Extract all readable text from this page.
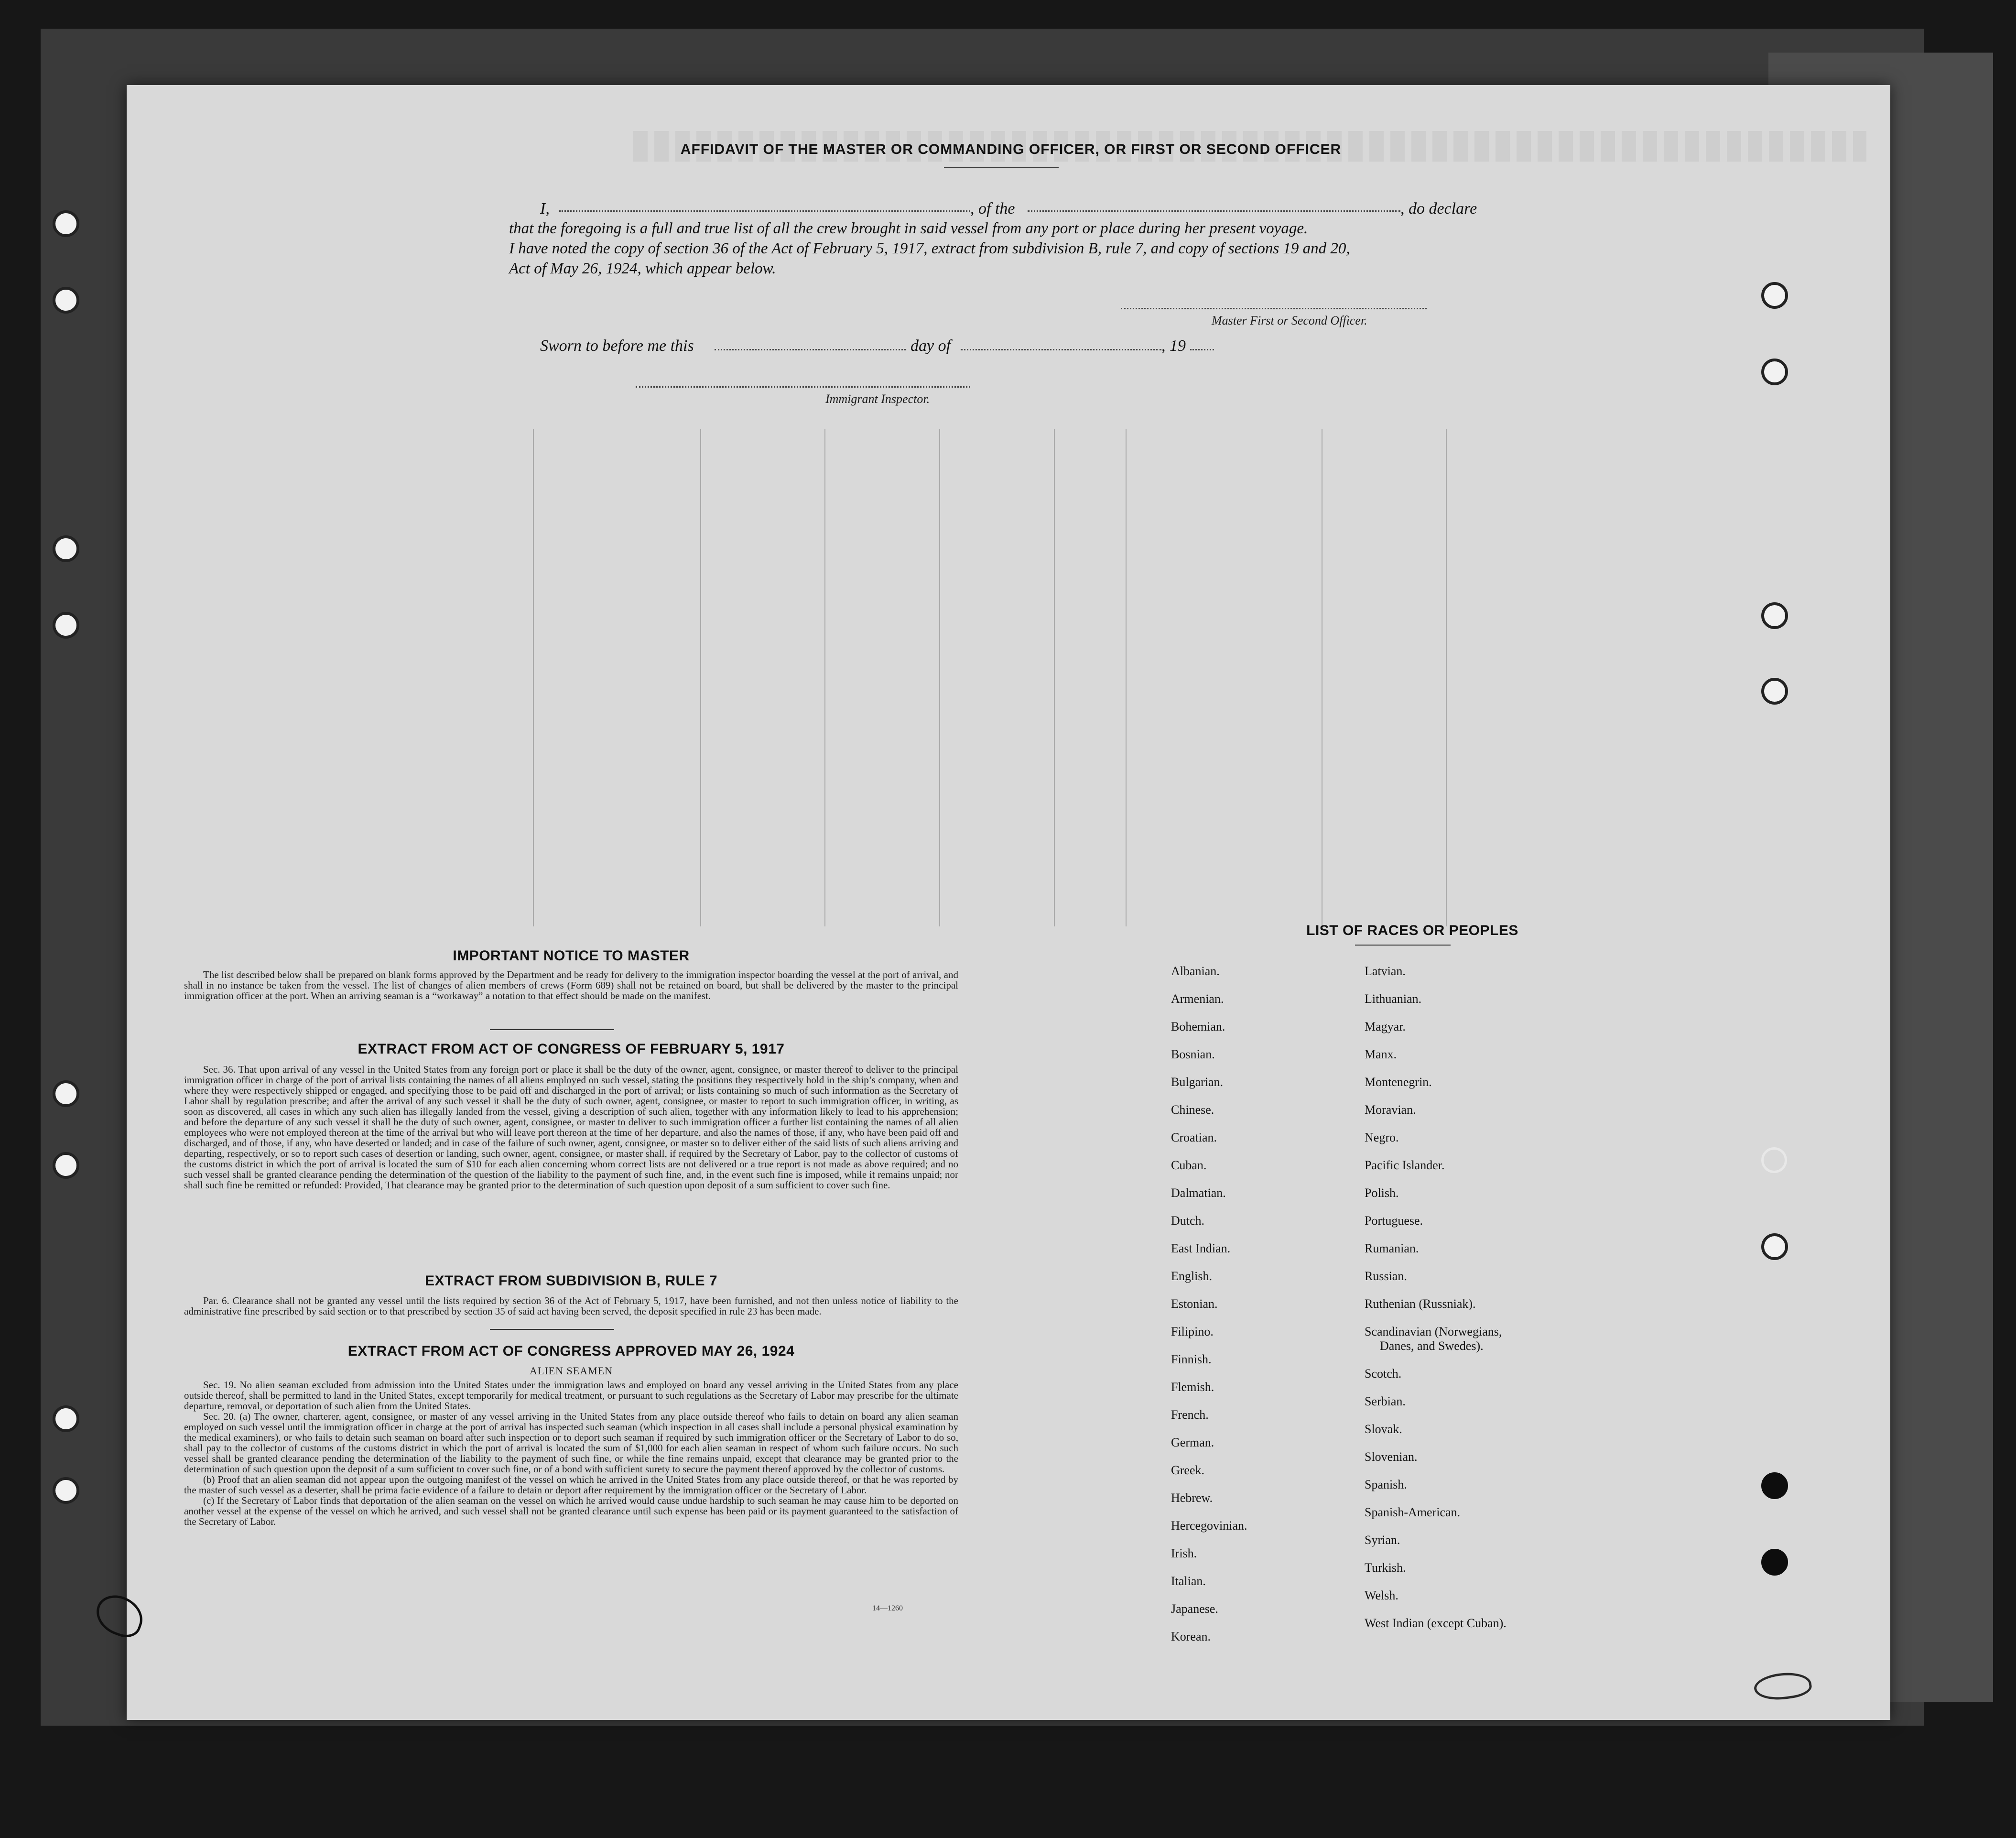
AFFIDAVIT OF THE MASTER OR COMMANDING OFFICER, OR FIRST OR SECOND OFFICER
I,	, of the	, do declare
that the foregoing is a full and true list of all the crew brought in said vessel from any port or place during her present voyage.
I have noted the copy of section 36 of the Act of February 5, 1917, extract from subdivision B, rule 7, and copy of sections 19 and 20,
Act of May 26, 1924, which appear below.
Master First or Second Officer.
Sworn to before me this	day of	, 19
Immigrant Inspector.
IMPORTANT NOTICE TO MASTER

The list described below shall be prepared on blank forms approved by the Department and be ready for delivery to the immigration inspector boarding the vessel at the port of arrival, and shall in no instance be taken from the vessel. The list of changes of alien members of crews (Form 689) shall not be retained on board, but shall be delivered by the master to the principal immigration officer at the port. When an arriving seaman is a “workaway” a notation to that effect should be made on the manifest.

EXTRACT FROM ACT OF CONGRESS OF FEBRUARY 5, 1917

Sec. 36. That upon arrival of any vessel in the United States from any foreign port or place it shall be the duty of the owner, agent, consignee, or master thereof to deliver to the principal immigration officer in charge of the port of arrival lists containing the names of all aliens employed on such vessel, stating the positions they respectively hold in the ship’s company, when and where they were respectively shipped or engaged, and specifying those to be paid off and discharged in the port of arrival; or lists containing so much of such information as the Secretary of Labor shall by regulation prescribe; and after the arrival of any such vessel it shall be the duty of such owner, agent, consignee, or master to report to such immigration officer, in writing, as soon as discovered, all cases in which any such alien has illegally landed from the vessel, giving a description of such alien, together with any information likely to lead to his apprehension; and before the departure of any such vessel it shall be the duty of such owner, agent, consignee, or master to deliver to such immigration officer a further list containing the names of all alien employees who were not employed thereon at the time of the arrival but who will leave port thereon at the time of her departure, and also the names of those, if any, who have been paid off and discharged, and of those, if any, who have deserted or landed; and in case of the failure of such owner, agent, consignee, or master so to deliver either of the said lists of such aliens arriving and departing, respectively, or so to report such cases of desertion or landing, such owner, agent, consignee, or master shall, if required by the Secretary of Labor, pay to the collector of customs of the customs district in which the port of arrival is located the sum of $10 for each alien concerning whom correct lists are not delivered or a true report is not made as above required; and no such vessel shall be granted clearance pending the determination of the question of the liability to the payment of such fine, and, in the event such fine is imposed, while it remains unpaid; nor shall such fine be remitted or refunded: Provided, That clearance may be granted prior to the determination of such question upon deposit of a sum sufficient to cover such fine.

EXTRACT FROM SUBDIVISION B, RULE 7

Par. 6. Clearance shall not be granted any vessel until the lists required by section 36 of the Act of February 5, 1917, have been furnished, and not then unless notice of liability to the administrative fine prescribed by said section or to that prescribed by section 35 of said act having been served, the deposit specified in rule 23 has been made.

EXTRACT FROM ACT OF CONGRESS APPROVED MAY 26, 1924
ALIEN SEAMEN

Sec. 19. No alien seaman excluded from admission into the United States under the immigration laws and employed on board any vessel arriving in the United States from any place outside thereof, shall be permitted to land in the United States, except temporarily for medical treatment, or pursuant to such regulations as the Secretary of Labor may prescribe for the ultimate departure, removal, or deportation of such alien from the United States.

Sec. 20. (a) The owner, charterer, agent, consignee, or master of any vessel arriving in the United States from any place outside thereof who fails to detain on board any alien seaman employed on such vessel until the immigration officer in charge at the port of arrival has inspected such seaman (which inspection in all cases shall include a personal physical examination by the medical examiners), or who fails to detain such seaman on board after such inspection or to deport such seaman if required by such immigration officer or the Secretary of Labor to do so, shall pay to the collector of customs of the customs district in which the port of arrival is located the sum of $1,000 for each alien seaman in respect of whom such failure occurs. No such vessel shall be granted clearance pending the determination of the liability to the payment of such fine, or while the fine remains unpaid, except that clearance may be granted prior to the determination of such question upon the deposit of a sum sufficient to cover such fine, or of a bond with sufficient surety to secure the payment thereof approved by the collector of customs.

(b) Proof that an alien seaman did not appear upon the outgoing manifest of the vessel on which he arrived in the United States from any place outside thereof, or that he was reported by the master of such vessel as a deserter, shall be prima facie evidence of a failure to detain or deport after requirement by the immigration officer or the Secretary of Labor.

(c) If the Secretary of Labor finds that deportation of the alien seaman on the vessel on which he arrived would cause undue hardship to such seaman he may cause him to be deported on another vessel at the expense of the vessel on which he arrived, and such vessel shall not be granted clearance until such expense has been paid or its payment guaranteed to the satisfaction of the Secretary of Labor.

14—1260
LIST OF RACES OR PEOPLES
Albanian.
Armenian.
Bohemian.
Bosnian.
Bulgarian.
Chinese.
Croatian.
Cuban.
Dalmatian.
Dutch.
East Indian.
English.
Estonian.
Filipino.
Finnish.
Flemish.
French.
German.
Greek.
Hebrew.
Hercegovinian.
Irish.
Italian.
Japanese.
Korean.
Latvian.
Lithuanian.
Magyar.
Manx.
Montenegrin.
Moravian.
Negro.
Pacific Islander.
Polish.
Portuguese.
Rumanian.
Russian.
Ruthenian (Russniak).
Scandinavian (Norwegians,
Danes, and Swedes).
Scotch.
Serbian.
Slovak.
Slovenian.
Spanish.
Spanish-American.
Syrian.
Turkish.
Welsh.
West Indian (except Cuban).
